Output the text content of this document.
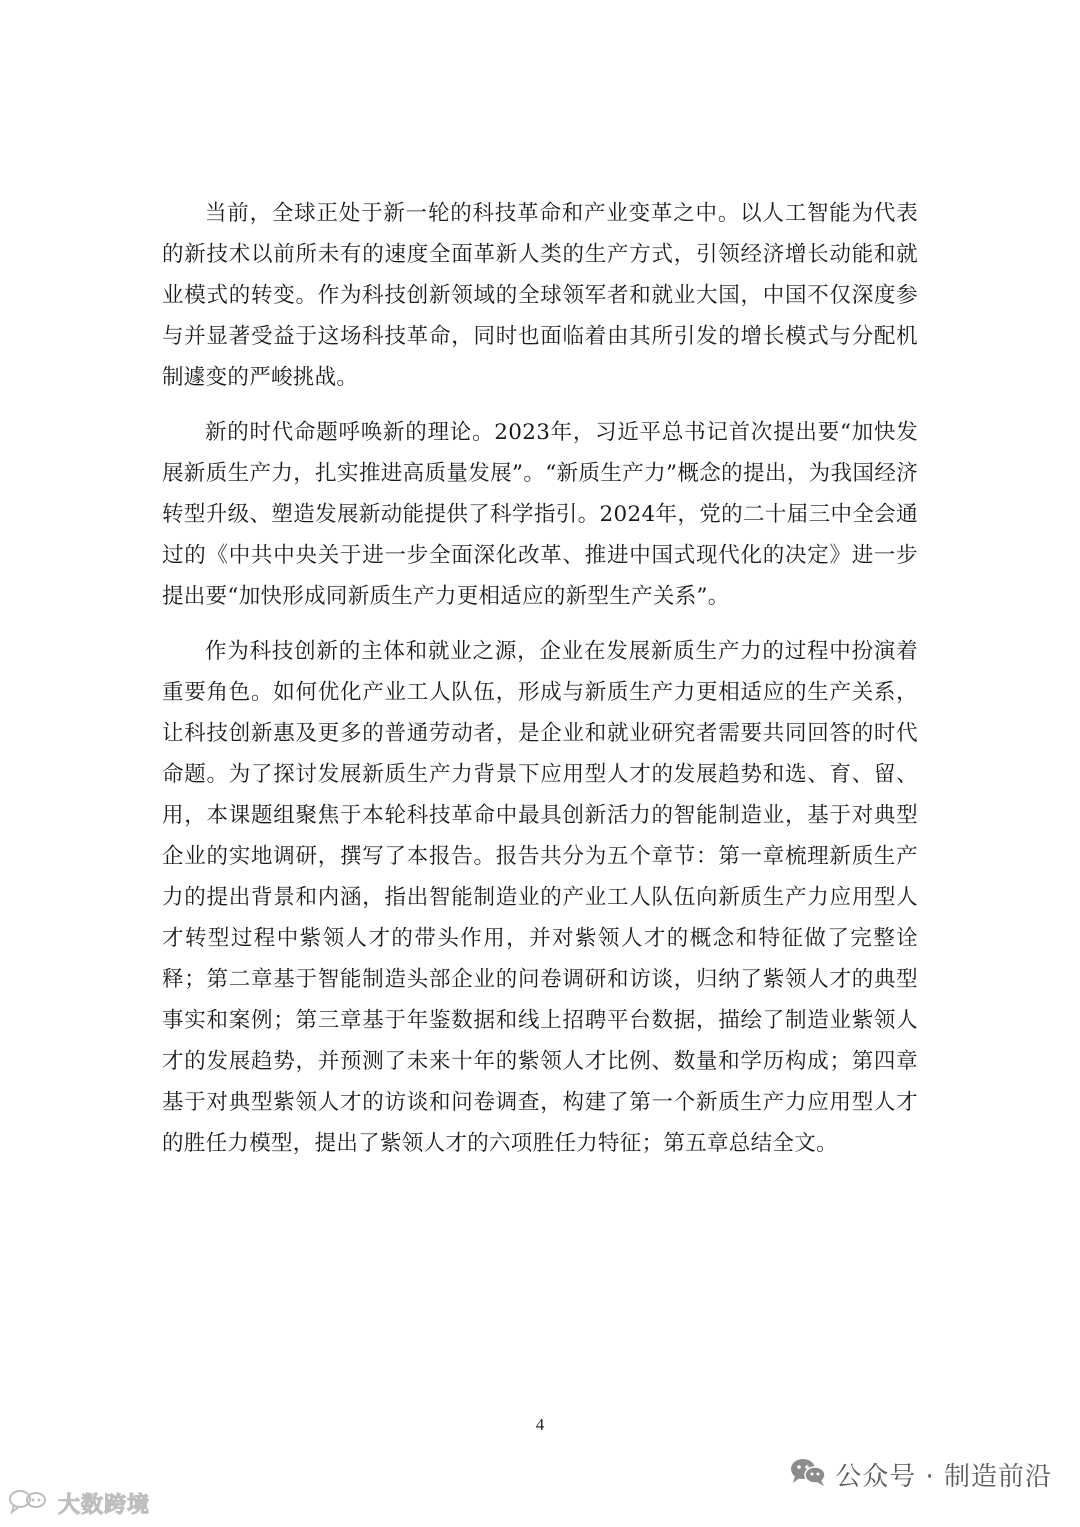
当前，全球正处于新一轮的科技革命和产业变革之中。以人工智能为代表的新技术以前所未有的速度全面革新人类的生产方式，引领经济增长动能和就业模式的转变。作为科技创新领域的全球领军者和就业大国，中国不仅深度参与并显著受益于这场科技革命，同时也面临着由其所引发的增长模式与分配机制遽变的严峻挑战。

新的时代命题呼唤新的理论。2023年，习近平总书记首次提出要“加快发展新质生产力，扎实推进高质量发展”。“新质生产力”概念的提出，为我国经济转型升级、塑造发展新动能提供了科学指引。2024年，党的二十届三中全会通过的《中共中央关于进一步全面深化改革、推进中国式现代化的决定》进一步提出要“加快形成同新质生产力更相适应的新型生产关系”。

作为科技创新的主体和就业之源，企业在发展新质生产力的过程中扮演着重要角色。如何优化产业工人队伍，形成与新质生产力更相适应的生产关系，让科技创新惠及更多的普通劳动者，是企业和就业研究者需要共同回答的时代命题。为了探讨发展新质生产力背景下应用型人才的发展趋势和选、育、留、用，本课题组聚焦于本轮科技革命中最具创新活力的智能制造业，基于对典型企业的实地调研，撰写了本报告。报告共分为五个章节：第一章梳理新质生产力的提出背景和内涵，指出智能制造业的产业工人队伍向新质生产力应用型人才转型过程中紫领人才的带头作用，并对紫领人才的概念和特征做了完整诠释；第二章基于智能制造头部企业的问卷调研和访谈，归纳了紫领人才的典型事实和案例；第三章基于年鉴数据和线上招聘平台数据，描绘了制造业紫领人才的发展趋势，并预测了未来十年的紫领人才比例、数量和学历构成；第四章基于对典型紫领人才的访谈和问卷调查，构建了第一个新质生产力应用型人才的胜任力模型，提出了紫领人才的六项胜任力特征；第五章总结全文。

4
大数跨境
公众号 · 制造前沿
